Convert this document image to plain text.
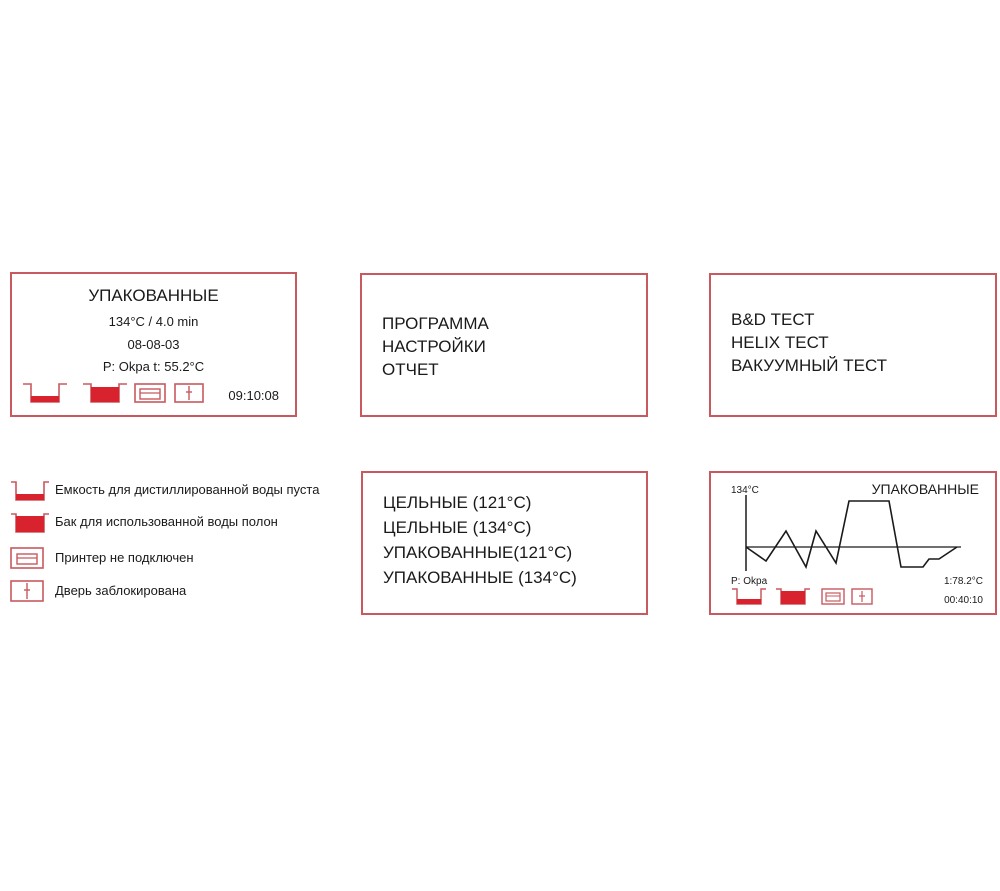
УПАКОВАННЫЕ
134°C / 4.0 min
08-08-03
P: Okpa t: 55.2°C
09:10:08
ПРОГРАММА
НАСТРОЙКИ
ОТЧЕТ
B&D ТЕСТ
HELIX ТЕСТ
ВАКУУМНЫЙ ТЕСТ
Емкость для дистиллированной воды пуста
Бак для использованной воды полон
Принтер не подключен
Дверь заблокирована
ЦЕЛЬНЫЕ (121°C)
ЦЕЛЬНЫЕ (134°C)
УПАКОВАННЫЕ(121°C)
УПАКОВАННЫЕ (134°C)
134°C	УПАКОВАННЫЕ
P: Okpa	1:78.2°C
00:40:10
